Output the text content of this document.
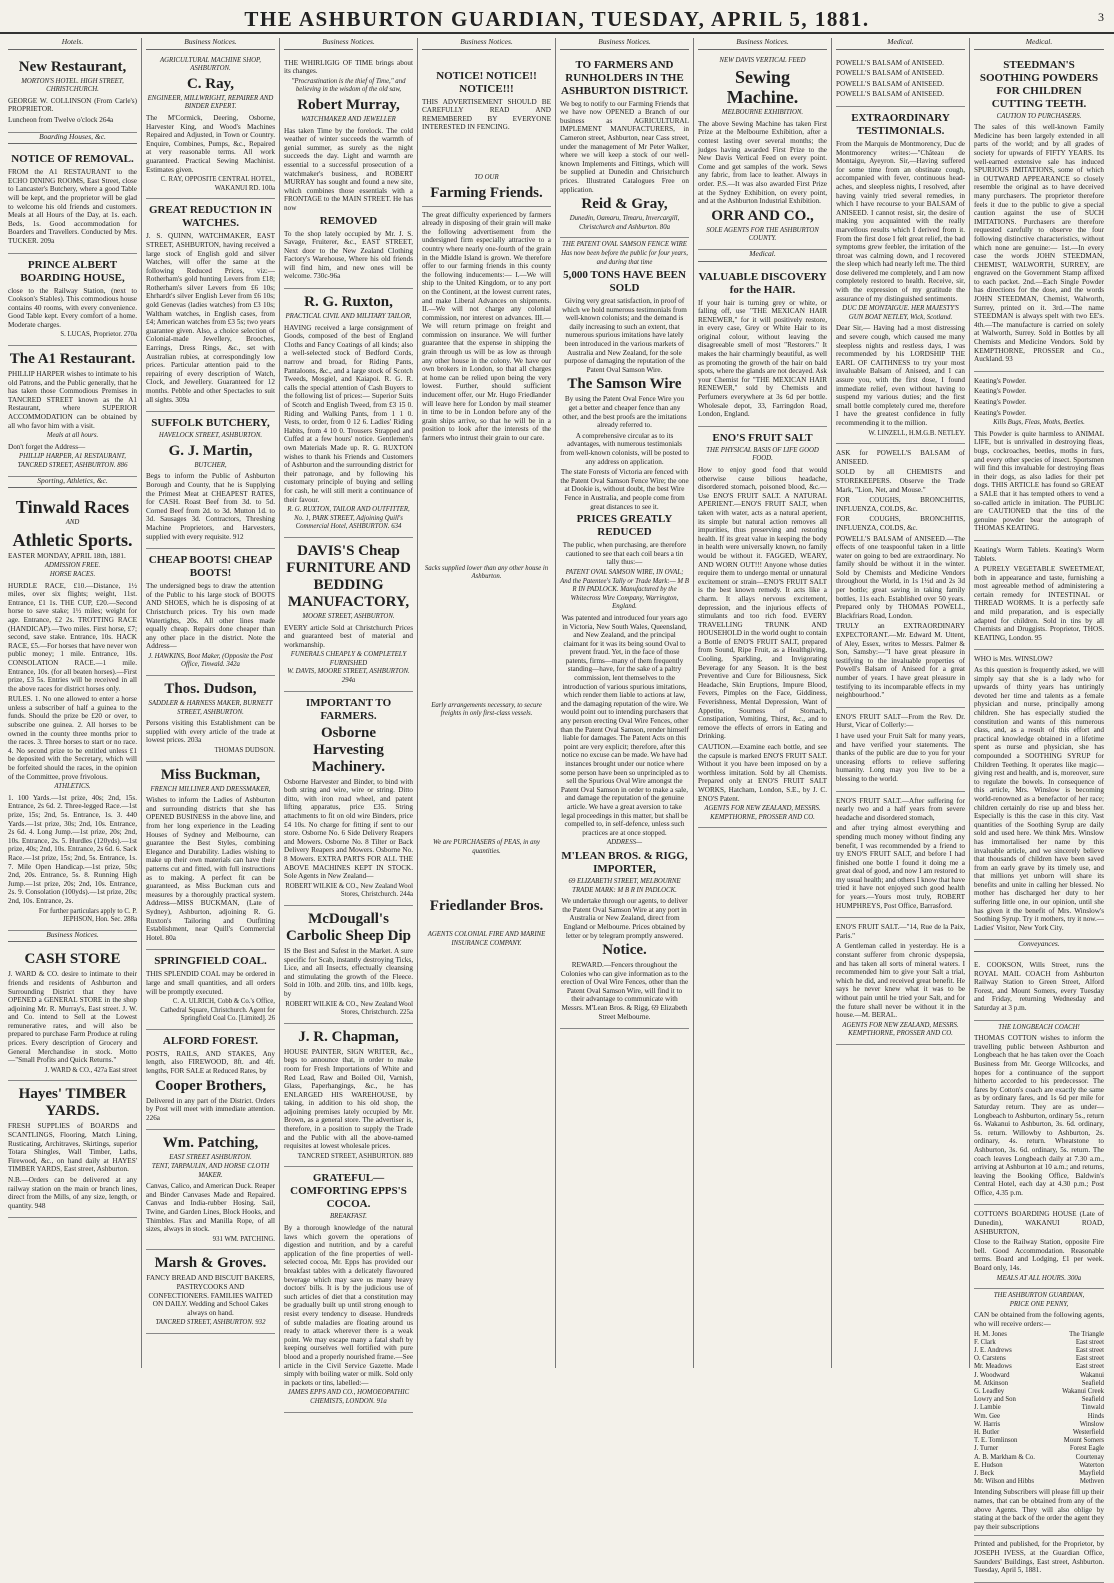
THE ASHBURTON GUARDIAN, TUESDAY, APRIL 5, 1881.	3
Hotels.
New Restaurant,
MORTON'S HOTEL. HIGH STREET, CHRISTCHURCH.
GEORGE W. COLLINSON (From Carle's) PROPRIETOR.
Luncheon from Twelve o'clock 264a
Boarding Houses, &c.
NOTICE OF REMOVAL.
FROM the A1 RESTAURANT to the ECHO DINING ROOMS, East Street, close to Lancaster's Butchery, where a good Table will be kept, and the proprietor will be glad to welcome his old friends and customers. Meals at all Hours of the Day, at 1s. each. Beds, 1s. Good accommodation for Boarders and Travellers. Conducted by Mrs. TUCKER. 209a
PRINCE ALBERT BOARDING HOUSE,
close to the Railway Station, (next to Cookson's Stables). This commodious house contains 40 rooms, with every convenience. Good Table kept. Every comfort of a home. Moderate charges.
S. LUCAS, Proprietor. 270a
The A1 Restaurant.
PHILLIP HARPER wishes to intimate to his old Patrons, and the Public generally, that he has taken those Commodious Premises in TANCRED STREET known as the A1 Restaurant, where SUPERIOR ACCOMMODATION can be obtained by all who favor him with a visit.
Meals at all hours.
Don't forget the Address—
PHILLIP HARPER, A1 RESTAURANT, TANCRED STREET, ASHBURTON. 886
Sporting, Athletics, &c.
Tinwald Races
AND
Athletic Sports.
EASTER MONDAY, APRIL 18th, 1881.
ADMISSION FREE.
HORSE RACES.
HURDLE RACE, £10.—Distance, 1½ miles, over six flights; weight, 11st. Entrance, £1 1s. THE CUP, £20.—Second horse to save stake; 1½ miles; weight for age. Entrance, £2 2s. TROTTING RACE (HANDICAP).—Two miles. First horse, £7; second, save stake. Entrance, 10s. HACK RACE, £5.—For horses that have never won public money; 1 mile. Entrance, 10s. CONSOLATION RACE.—1 mile. Entrance, 10s. (for all beaten horses).—First prize, £3 5s. Entries will be received in all the above races for district horses only.
RULES. 1. No one allowed to enter a horse unless a subscriber of half a guinea to the funds. Should the prize be £20 or over, to subscribe one guinea. 2. All horses to be owned in the county three months prior to the races. 3. Three horses to start or no race. 4. No second prize to be entitled unless £1 be deposited with the Secretary, which will be forfeited should the races, in the opinion of the Committee, prove frivolous.
ATHLETICS.
1. 100 Yards.—1st prize, 40s; 2nd, 15s. Entrance, 2s 6d. 2. Three-legged Race.—1st prize, 15s; 2nd, 5s. Entrance, 1s. 3. 440 Yards.—1st prize, 30s; 2nd, 10s. Entrance, 2s 6d. 4. Long Jump.—1st prize, 20s; 2nd, 10s. Entrance, 2s. 5. Hurdles (120yds).—1st prize, 40s; 2nd, 10s. Entrance, 2s 6d. 6. Sack Race.—1st prize, 15s; 2nd, 5s. Entrance, 1s. 7. Mile Open Handicap.—1st prize, 50s; 2nd, 20s. Entrance, 5s. 8. Running High Jump.—1st prize, 20s; 2nd, 10s. Entrance, 2s. 9. Consolation (100yds).—1st prize, 20s; 2nd, 10s. Entrance, 2s.
For further particulars apply to C. P. JEPHSON, Hon. Sec. 288a
Business Notices.
CASH STORE
J. WARD & CO. desire to intimate to their friends and residents of Ashburton and Surrounding District that they have OPENED a GENERAL STORE in the shop adjoining Mr. R. Murray's, East street. J. W. and Co. intend to Sell at the Lowest remunerative rates, and will also be prepared to purchase Farm Produce at ruling prices. Every description of Grocery and General Merchandise in stock. Motto—"Small Profits and Quick Returns."
J. WARD & CO., 427a East street
Hayes' TIMBER YARDS.
FRESH SUPPLIES of BOARDS and SCANTLINGS, Flooring, Match Lining, Rusticating, Architraves, Skirtings, superior Totara Shingles, Wall Timber, Laths, Firewood, &c., on hand daily at HAYES' TIMBER YARDS, East street, Ashburton.
N.B.—Orders can be delivered at any railway station on the main or branch lines, direct from the Mills, of any size, length, or quantity. 948
Business Notices.
AGRICULTURAL MACHINE SHOP, ASHBURTON.
C. Ray,
ENGINEER, MILLWRIGHT, REPAIRER AND BINDER EXPERT.
The M'Cormick, Deering, Osborne, Harvester King, and Wood's Machines Repaired and Adjusted, in Town or Country. Enquire, Combines, Pumps, &c., Repaired at very reasonable terms. All work guaranteed. Practical Sewing Machinist. Estimates given.
C. RAY, OPPOSITE CENTRAL HOTEL, WAKANUI RD. 100a
GREAT REDUCTION IN WATCHES.
J. S. QUINN, WATCHMAKER, EAST STREET, ASHBURTON, having received a large stock of English gold and silver Watches, will offer the same at the following Reduced Prices, viz:—Rotherham's gold hunting Levers from £18; Rotherham's silver Levers from £6 10s; Ehrhardt's silver English Lever from £6 10s; gold Genevas (ladies watches) from £3 10s; Waltham watches, in English cases, from £4; American watches from £3 5s; two years guarantee given. Also, a choice selection of Colonial-made Jewellery, Brooches, Earrings, Dress Rings, &c., set with Australian rubies, at correspondingly low prices. Particular attention paid to the repairing of every description of Watch, Clock, and Jewellery. Guaranteed for 12 months. Pebble and other Spectacles to suit all sights. 309a
SUFFOLK BUTCHERY,
HAVELOCK STREET, ASHBURTON.
G. J. Martin,
BUTCHER,
Begs to inform the Public of Ashburton Borough and County, that he is Supplying the Primest Meat at CHEAPEST RATES, for CASH. Roast Beef from 3d. to 5d. Corned Beef from 2d. to 3d. Mutton 1d. to 3d. Sausages 3d. Contractors, Threshing Machine Proprietors, and Harvesters, supplied with every requisite. 912
CHEAP BOOTS! CHEAP BOOTS!
The undersigned begs to draw the attention of the Public to his large stock of BOOTS AND SHOES, which he is disposing of at Christchurch prices. Try his own made Watertights, 20s. All other lines made equally cheap. Repairs done cheaper than any other place in the district. Note the Address—
J. HAWKINS, Boot Maker, (Opposite the Post Office, Tinwald. 342a
Thos. Dudson,
SADDLER & HARNESS MAKER, BURNETT STREET, ASHBURTON.
Persons visiting this Establishment can be supplied with every article of the trade at lowest prices. 203a
THOMAS DUDSON.
Miss Buckman,
FRENCH MILLINER AND DRESSMAKER,
Wishes to inform the Ladies of Ashburton and surrounding districts that she has OPENED BUSINESS in the above line, and from her long experience in the Leading Houses of Sydney and Melbourne, can guarantee the Best Styles, combining Elegance and Durability. Ladies wishing to make up their own materials can have their patterns cut and fitted, with full instructions as to making. A perfect fit can be guaranteed, as Miss Buckman cuts and measures by a thoroughly practical system. Address—MISS BUCKMAN, (Late of Sydney), Ashburton, adjoining R. G. Ruxton's Tailoring and Outfitting Establishment, near Quill's Commercial Hotel. 80a
SPRINGFIELD COAL.
THIS SPLENDID COAL may be ordered in large and small quantities, and all orders will be promptly executed.
C. A. ULRICH, Cobb & Co.'s Office, Cathedral Square, Christchurch. Agent for Springfield Coal Co. [Limited]. 26
ALFORD FOREST.
POSTS, RAILS, AND STAKES, Any length, also FIREWOOD, 8ft. and 4ft. lengths, FOR SALE at Reduced Rates, by
Cooper Brothers,
Delivered in any part of the District. Orders by Post will meet with immediate attention. 226a
Wm. Patching,
EAST STREET ASHBURTON.
TENT, TARPAULIN, AND HORSE CLOTH MAKER.
Canvas, Calico, and American Duck. Reaper and Binder Canvases Made and Repaired. Canvas and India-rubber Hosing. Sail, Twine, and Garden Lines, Block Hooks, and Thimbles. Flax and Manilla Rope, of all sizes, always in stock.
931 WM. PATCHING.
Marsh & Groves.
FANCY BREAD AND BISCUIT BAKERS, PASTRYCOOKS AND CONFECTIONERS. FAMILIES WAITED ON DAILY. Wedding and School Cakes always on hand.
TANCRED STREET, ASHBURTON. 932
Business Notices.
THE WHIRLIGIG OF TIME brings about its changes.
"Procrastination is the thief of Time," and believing in the wisdom of the old saw,
Robert Murray,
WATCHMAKER AND JEWELLER
Has taken Time by the forelock. The cold weather of winter succeeds the warmth of genial summer, as surely as the night succeeds the day. Light and warmth are essential to a successful prosecution of a watchmaker's business, and ROBERT MURRAY has sought and found a new site, which combines those essentials with a FRONTAGE to the MAIN STREET. He has now
REMOVED
To the shop lately occupied by Mr. J. S. Savage, Fruiterer, &c., EAST STREET, Next door to the New Zealand Clothing Factory's Warehouse, Where his old friends will find him, and new ones will be welcome. 730c-96a
R. G. Ruxton,
PRACTICAL CIVIL AND MILITARY TAILOR,
HAVING received a large consignment of Goods, composed of the best of England Cloths and Fancy Coatings of all kinds; also a well-selected stock of Bedford Cords, narrow and broad, for Riding Pants, Pantaloons, &c., and a large stock of Scotch Tweeds, Mosgiel, and Kaiapoi. R. G. R. calls the special attention of Cash Buyers to the following list of prices:— Superior Suits of Scotch and English Tweed, from £3 15 0. Riding and Walking Pants, from 1 1 0. Vests, to order, from 0 12 6. Ladies' Riding Habits, from 4 10 0. Trousers Strapped and Cuffed at a few hours' notice. Gentlemen's own Materials Made up. R. G. RUXTON wishes to thank his Friends and Customers of Ashburton and the surrounding district for their patronage, and by following his customary principle of buying and selling for cash, he will still merit a continuance of their favour.
R. G. RUXTON, TAILOR AND OUTFITTER, No. 1, PARK STREET, Adjoining Quill's Commercial Hotel, ASHBURTON. 634
DAVIS'S Cheap FURNITURE AND BEDDING MANUFACTORY,
MOORE STREET, ASHBURTON.
EVERY article Sold at Christchurch Prices and guaranteed best of material and workmanship.
FUNERALS CHEAPLY & COMPLETELY FURNISHED
W. DAVIS, MOORE STREET, ASHBURTON. 294a
IMPORTANT TO FARMERS.
Osborne Harvesting Machinery.
Osborne Harvester and Binder, to bind with both string and wire, wire or string. Ditto ditto, with iron road wheel, and patent lifting apparatus, price £35. String attachments to fit on old wire Binders, price £4 10s. No charge for fitting if sent to our store. Osborne No. 6 Side Delivery Reapers and Mowers. Osborne No. 8 Tilter or Back Delivery Reapers and Mowers. Osborne No. 8 Mowers. EXTRA PARTS FOR ALL THE ABOVE MACHINES KEPT IN STOCK. Sole Agents in New Zealand—
ROBERT WILKIE & CO., New Zealand Wool Stores, Christchurch. 244a
McDougall's Carbolic Sheep Dip
IS the Best and Safest in the Market. A sure specific for Scab, instantly destroying Ticks, Lice, and all Insects, effectually cleansing and stimulating the growth of the Fleece. Sold in 10lb. and 20lb. tins, and 10lb. kegs, by
ROBERT WILKIE & CO., New Zealand Wool Stores, Christchurch. 225a
J. R. Chapman,
HOUSE PAINTER, SIGN WRITER, &c., begs to announce that, in order to make room for Fresh Importations of White and Red Lead, Raw and Boiled Oil, Varnish, Glass, Paperhangings, &c., he has ENLARGED HIS WAREHOUSE, by taking, in addition to his old shop, the adjoining premises lately occupied by Mr. Brown, as a general store. The advertiser is, therefore, in a position to supply the Trade and the Public with all the above-named requisites at lowest wholesale prices.
TANCRED STREET, ASHBURTON. 889
GRATEFUL—COMFORTING EPPS'S COCOA.
BREAKFAST.
By a thorough knowledge of the natural laws which govern the operations of digestion and nutrition, and by a careful application of the fine properties of well-selected cocoa, Mr. Epps has provided our breakfast tables with a delicately flavoured beverage which may save us many heavy doctors' bills. It is by the judicious use of such articles of diet that a constitution may be gradually built up until strong enough to resist every tendency to disease. Hundreds of subtle maladies are floating around us ready to attack wherever there is a weak point. We may escape many a fatal shaft by keeping ourselves well fortified with pure blood and a properly nourished frame.—See article in the Civil Service Gazette. Made simply with boiling water or milk. Sold only in packets or tins, labelled:—
JAMES EPPS AND CO., HOMOEOPATHIC CHEMISTS, LONDON. 91a
Business Notices.
NOTICE! NOTICE!! NOTICE!!!
THIS ADVERTISEMENT SHOULD BE CAREFULLY READ AND REMEMBERED BY EVERYONE INTERESTED IN FENCING.
TO OUR
Farming Friends.
The great difficulty experienced by farmers already in disposing of their grain will make the following advertisement from the undersigned firm especially attractive to a country where nearly one-fourth of the grain in the Middle Island is grown. We therefore offer to our farming friends in this county the following inducements:— I.—We will ship to the United Kingdom, or to any port on the Continent, at the lowest current rates, and make Liberal Advances on shipments. II.—We will not charge any colonial commission, nor interest on advances. III.—We will return primage on freight and commission on insurance. We will further guarantee that the expense in shipping the grain through us will be as low as through any other house in the colony. We have our own brokers in London, so that all charges at home can be relied upon being the very lowest. Further, should sufficient inducement offer, our Mr. Hugo Friedlander will leave here for London by mail steamer in time to be in London before any of the grain ships arrive, so that he will be in a position to look after the interests of the farmers who intrust their grain to our care.
Sacks supplied lower than any other house in Ashburton.
Early arrangements necessary, to secure freights in only first-class vessels.
We are PURCHASERS of PEAS, in any quantities.
Friedlander Bros.
AGENTS COLONIAL FIRE AND MARINE INSURANCE COMPANY.
Business Notices.
TO FARMERS AND RUNHOLDERS IN THE ASHBURTON DISTRICT.
We beg to notify to our Farming Friends that we have now OPENED a Branch of our business as AGRICULTURAL IMPLEMENT MANUFACTURERS, in Cameron street, Ashburton, near Cass street, under the management of Mr Peter Walker, where we will keep a stock of our well-known Implements and Fittings, which will be supplied at Dunedin and Christchurch prices. Illustrated Catalogues Free on application.
Reid & Gray,
Dunedin, Oamaru, Timaru, Invercargill, Christchurch and Ashburton. 80a
THE PATENT OVAL SAMSON FENCE WIRE
Has now been before the public for four years, and during that time
5,000 TONS HAVE BEEN SOLD
Giving very great satisfaction, in proof of which we hold numerous testimonials from well-known colonists; and the demand is daily increasing to such an extent, that numerous spurious imitations have lately been introduced in the various markets of Australia and New Zealand, for the sole purpose of damaging the reputation of the Patent Oval Samson Wire.
The Samson Wire
By using the Patent Oval Fence Wire you get a better and cheaper fence than any other, and the best proofs are the imitations already referred to.
A comprehensive circular as to its advantages, with numerous testimonials from well-known colonists, will be posted to any address on application.
The state Forests of Victoria are fenced with the Patent Oval Samson Fence Wire; the one at Dookie is, without doubt, the best Wire Fence in Australia, and people come from great distances to see it.
PRICES GREATLY REDUCED
The public, when purchasing, are therefore cautioned to see that each coil bears a tin tally thus:—
PATENT OVAL SAMSON WIRE, IN OVAL; And the Patentee's Tally or Trade Mark:— M B R IN PADLOCK. Manufactured by the Whitecross Wire Company, Warrington, England.
Was patented and introduced four years ago in Victoria, New South Wales, Queensland, and New Zealand, and the principal claimant for it was its being sound Oval to prevent fraud. Yet, in the face of those patents, firms—many of them frequently standing—have, for the sake of a paltry commission, lent themselves to the introduction of various spurious imitations, which render them liable to actions at law, and the damaging reputation of the wire. We would point out to intending purchasers that any person erecting Oval Wire Fences, other than the Patent Oval Samson, render himself liable for damages. The Patent Acts on this point are very explicit; therefore, after this notice no excuse can be made. We have had instances brought under our notice where some person have been so unprincipled as to sell the Spurious Oval Wire amongst the Patent Oval Samson in order to make a sale, and damage the reputation of the genuine article. We have a great aversion to take legal proceedings in this matter, but shall be compelled to, in self-defence, unless such practices are at once stopped.
ADDRESS—
M'LEAN BROS. & RIGG, IMPORTER,
69 ELIZABETH STREET, MELBOURNE
TRADE MARK: M B R IN PADLOCK.
We undertake through our agents, to deliver the Patent Oval Samson Wire at any port in Australia or New Zealand, direct from England or Melbourne. Prices obtained by letter or by telegram promptly answered.
Notice.
REWARD.—Fencers throughout the Colonies who can give information as to the erection of Oval Wire Fences, other than the Patent Oval Samson Wire, will find it to their advantage to communicate with Messrs. M'Lean Bros. & Rigg, 69 Elizabeth Street Melbourne.
Business Notices.
NEW DAVIS VERTICAL FEED
Sewing Machine.
MELBOURNE EXHIBITION.
The above Sewing Machine has taken First Prize at the Melbourne Exhibition, after a contest lasting over several months; the judges having awarded First Prize to the New Davis Vertical Feed on every point. Come and get samples of the work. Sews any fabric, from lace to leather. Always in order. P.S.—It was also awarded First Prize at the Sydney Exhibition, on every point, and at the Ashburton Industrial Exhibition.
ORR AND CO.,
SOLE AGENTS FOR THE ASHBURTON COUNTY.
Medical.
VALUABLE DISCOVERY for the HAIR.
If your hair is turning grey or white, or falling off, use "THE MEXICAN HAIR RENEWER," for it will positively restore, in every case, Grey or White Hair to its original colour, without leaving the disagreeable smell of most "Restorers." It makes the hair charmingly beautiful, as well as promoting the growth of the hair on bald spots, where the glands are not decayed. Ask your Chemist for "THE MEXICAN HAIR RENEWER," sold by Chemists and Perfumers everywhere at 3s 6d per bottle. Wholesale depot, 33, Farringdon Road, London, England.
ENO'S FRUIT SALT
THE PHYSICAL BASIS OF LIFE GOOD FOOD.
How to enjoy good food that would otherwise cause bilious headache, disordered stomach, poisoned blood, &c.—Use ENO'S FRUIT SALT. A NATURAL APERIENT.—ENO'S FRUIT SALT, when taken with water, acts as a natural aperient, its simple but natural action removes all impurities, thus preserving and restoring health. If its great value in keeping the body in health were universally known, no family would be without it. FAGGED, WEARY, AND WORN OUT!!! Anyone whose duties require them to undergo mental or unnatural excitement or strain—ENO'S FRUIT SALT is the best known remedy. It acts like a charm. It allays nervous excitement, depression, and the injurious effects of stimulants and too rich food. EVERY TRAVELLING TRUNK AND HOUSEHOLD in the world ought to contain a Bottle of ENO'S FRUIT SALT, prepared from Sound, Ripe Fruit, as a Healthgiving, Cooling, Sparkling, and Invigorating Beverage for any Season. It is the best Preventive and Cure for Biliousness, Sick Headache, Skin Eruptions, Impure Blood, Fevers, Pimples on the Face, Giddiness, Feverishness, Mental Depression, Want of Appetite, Sourness of Stomach, Constipation, Vomiting, Thirst, &c., and to remove the effects of errors in Eating and Drinking.
CAUTION.—Examine each bottle, and see the capsule is marked ENO'S FRUIT SALT. Without it you have been imposed on by a worthless imitation. Sold by all Chemists. Prepared only at ENO'S FRUIT SALT WORKS, Hatcham, London, S.E., by J. C. ENO'S Patent.
AGENTS FOR NEW ZEALAND, MESSRS. KEMPTHORNE, PROSSER AND CO.
Medical.
POWELL'S BALSAM of ANISEED.
POWELL'S BALSAM of ANISEED.
POWELL'S BALSAM of ANISEED.
POWELL'S BALSAM of ANISEED.
EXTRAORDINARY TESTIMONIALS.
From the Marquis de Montmorency, Duc de Montmorency writes:—"Château de Montaigu, Ayeyron. Sir,—Having suffered for some time from an obstinate cough, accompanied with fever, continuous head-aches, and sleepless nights, I resolved, after having vainly tried several remedies, in which I have recourse to your BALSAM of ANISEED. I cannot resist, sir, the desire of making you acquainted with the really marvellous results which I derived from it. From the first dose I felt great relief, the bad symptoms grew feebler, the irritation of the throat was calming down, and I recovered the sleep which had nearly left me. The third dose delivered me completely, and I am now completely restored to health. Receive, sir, with the expression of my gratitude the assurance of my distinguished sentiments.
DUC DE MONTAIGUE. HER MAJESTY'S GUN BOAT NETLEY, Wick, Scotland.
Dear Sir,— Having had a most distressing and severe cough, which caused me many sleepless nights and restless days, I was recommended by his LORDSHIP THE EARL OF CAITHNESS to try your most invaluable Balsam of Aniseed, and I can assure you, with the first dose, I found immediate relief, even without having to suspend my various duties; and the first small bottle completely cured me, therefore I have the greatest confidence in fully recommending it to the million.
W. LINZELL, H.M.G.B. NETLEY.
ASK for POWELL'S BALSAM of ANISEED.
SOLD by all CHEMISTS and STOREKEEPERS. Observe the Trade Mark, "Lion, Net, and Mouse."
FOR COUGHS, BRONCHITIS, INFLUENZA, COLDS, &c.
FOR COUGHS, BRONCHITIS, INFLUENZA, COLDS, &c.
POWELL'S BALSAM of ANISEED.—The effects of one teaspoonful taken in a little water on going to bed are extraordinary. No family should be without it in the winter. Sold by Chemists and Medicine Vendors throughout the World, in 1s 1½d and 2s 3d per bottle; great saving in taking family bottles, 11s each. Established over 50 years. Prepared only by THOMAS POWELL, Blackfriars Road, London.
TRULY an EXTRAORDINARY EXPECTORANT.—Mr. Edward M. Uttent, of Aley, Essex, writes to Messrs. Palmer & Son, Samsby:—"I have great pleasure in testifying to the invaluable properties of Powell's Balsam of Aniseed for a great number of years. I have great pleasure in testifying to its incomparable effects in my neighbourhood."
ENO'S FRUIT SALT—From the Rev. Dr. Hurst, Vicar of Collerly:—
I have used your Fruit Salt for many years, and have verified your statements. The thanks of the public are due to you for your unceasing efforts to relieve suffering humanity. Long may you live to be a blessing to the world.
ENO'S FRUIT SALT.—After suffering for nearly two and a half years from severe headache and disordered stomach,
and after trying almost everything and spending much money without finding any benefit, I was recommended by a friend to try ENO'S FRUIT SALT, and before I had finished one bottle I found it doing me a great deal of good, and now I am restored to my usual health; and others I know that have tried it have not enjoyed such good health for years.—Yours most truly, ROBERT HUMPHREYS, Post Office, Barrasford.
ENO'S FRUIT SALT.—"14, Rue de la Paix, Paris."
A Gentleman called in yesterday. He is a constant sufferer from chronic dyspepsia, and has taken all sorts of mineral waters. I recommended him to give your Salt a trial, which he did, and received great benefit. He says he never knew what it was to be without pain until he tried your Salt, and for the future shall never be without it in the house.—M. BERAL.
AGENTS FOR NEW ZEALAND, MESSRS. KEMPTHORNE, PROSSER AND CO.
Medical.
STEEDMAN'S SOOTHING POWDERS FOR CHILDREN CUTTING TEETH.
CAUTION TO PURCHASERS.
The sales of this well-known Family Medicine has been largely extended in all parts of the world; and by all grades of society for upwards of FIFTY YEARS. Its well-earned extensive sale has induced SPURIOUS IMITATIONS, some of which in OUTWARD APPEARANCE so closely resemble the original as to have deceived many purchasers. The proprietor therefore feels it due to the public to give a special caution against the use of SUCH IMITATIONS. Purchasers are therefore requested carefully to observe the four following distinctive characteristics, without which none are genuine:— 1st.—In every case the words JOHN STEEDMAN, CHEMIST, WALWORTH, SURREY, are engraved on the Government Stamp affixed to each packet. 2nd.—Each Single Powder has directions for the dose, and the words JOHN STEEDMAN, Chemist, Walworth, Surrey, printed on it. 3rd.—The name STEEDMAN is always spelt with two EE's. 4th.—The manufacture is carried on solely at Walworth, Surrey. Sold in Bottles by all Chemists and Medicine Vendors. Sold by KEMPTHORNE, PROSSER and Co., Auckland. 93
Keating's Powder.
Keating's Powder.
Keating's Powder.
Keating's Powder.
Kills Bugs, Fleas, Moths, Beetles.
This Powder is quite harmless to ANIMAL LIFE, but is unrivalled in destroying fleas, bugs, cockroaches, beetles, moths in furs, and every other species of insect. Sportsmen will find this invaluable for destroying fleas in their dogs, as also ladies for their pet dogs. THIS ARTICLE has found so GREAT a SALE that it has tempted others to vend a so-called article in imitation. The PUBLIC are CAUTIONED that the tins of the genuine powder bear the autograph of THOMAS KEATING.
Keating's Worm Tablets. Keating's Worm Tablets.
A PURELY VEGETABLE SWEETMEAT, both in appearance and taste, furnishing a most agreeable method of administering a certain remedy for INTESTINAL or THREAD WORMS. It is a perfectly safe and mild preparation, and is especially adapted for children. Sold in tins by all Chemists and Druggists. Proprietor, THOS. KEATING, London. 95
WHO is Mrs. WINSLOW?
As this question is frequently asked, we will simply say that she is a lady who for upwards of thirty years has untiringly devoted her time and talents as a female physician and nurse, principally among children. She has especially studied the constitution and wants of this numerous class, and, as a result of this effort and practical knowledge obtained in a lifetime spent as nurse and physician, she has compounded a SOOTHING SYRUP for Children Teething. It operates like magic—giving rest and health, and is, moreover, sure to regulate the bowels. In consequence of this article, Mrs. Winslow is becoming world-renowned as a benefactor of her race; children certainly do rise up and bless her. Especially is this the case in this city. Vast quantities of the Soothing Syrup are daily sold and used here. We think Mrs. Winslow has immortalised her name by this invaluable article, and we sincerely believe that thousands of children have been saved from an early grave by its timely use, and that millions yet unborn will share its benefits and unite in calling her blessed. No mother has discharged her duty to her suffering little one, in our opinion, until she has given it the benefit of Mrs. Winslow's Soothing Syrup. Try it mothers, try it now.—Ladies' Visitor, New York City.
Conveyances.
E. COOKSON, Wills Street, runs the ROYAL MAIL COACH from Ashburton Railway Station to Green Street, Alford Forest, and Mount Somers, every Tuesday and Friday, returning Wednesday and Saturday at 3 p.m.
THE LONGBEACH COACH!
THOMAS COTTON wishes to inform the travelling public between Ashburton and Longbeach that he has taken over the Coach Business from Mr. George Willcocks, and hopes for a continuance of the support hitherto accorded to his predecessor. The fares by Cotton's coach are exactly the same as by ordinary fares, and 1s 6d per mile for Saturday return. They are as under— Longbeach to Ashburton, ordinary 5s., return 6s. Wakanui to Ashburton, 3s. 6d. ordinary, 5s. return. Willowby to Ashburton, 2s. ordinary, 4s. return. Wheatstone to Ashburton, 3s. 6d. ordinary, 5s. return. The coach leaves Longbeach daily at 7.30 a.m., arriving at Ashburton at 10 a.m.; and returns, leaving the Booking Office, Baldwin's Central Hotel, each day at 4.30 p.m.; Post Office, 4.35 p.m.
COTTON'S BOARDING HOUSE (Late of Dunedin), WAKANUI ROAD, ASHBURTON,
Close to the Railway Station, opposite Fire bell. Good Accommodation. Reasonable terms. Board and Lodging, £1 per week. Board only, 14s.
MEALS AT ALL HOURS. 300a
THE ASHBURTON GUARDIAN,
PRICE ONE PENNY,
CAN be obtained from the following agents, who will receive orders:—
H. M. Jones	The Triangle
F. Clark	East street
J. E. Andrews	East street
O. Carstens	East street
Mr. Meadows	East street
J. Woodward	Wakanui
M. Atkinson	Seafield
G. Leadley	Wakanui Creek
Lowry and Son	Seafield
J. Lambie	Tinwald
Wm. Gee	Hinds
W. Harris	Winslow
H. Butler	Westerfield
T. E. Tomlinson	Mount Somers
J. Turner	Forest Eagle
A. B. Markham & Co.	Courtenay
E. Hudson	Waterton
J. Beck	Mayfield
Mr. Wilson and Hibbs	Methven
Intending Subscribers will please fill up their names, that can be obtained from any of the above Agents. They will also oblige by stating at the back of the order the agent they pay their subscriptions
Printed and published, for the Proprietor, by JOSEPH IVESS, at the Guardian Office, Saunders' Buildings, East street, Ashburton. Tuesday, April 5, 1881.
